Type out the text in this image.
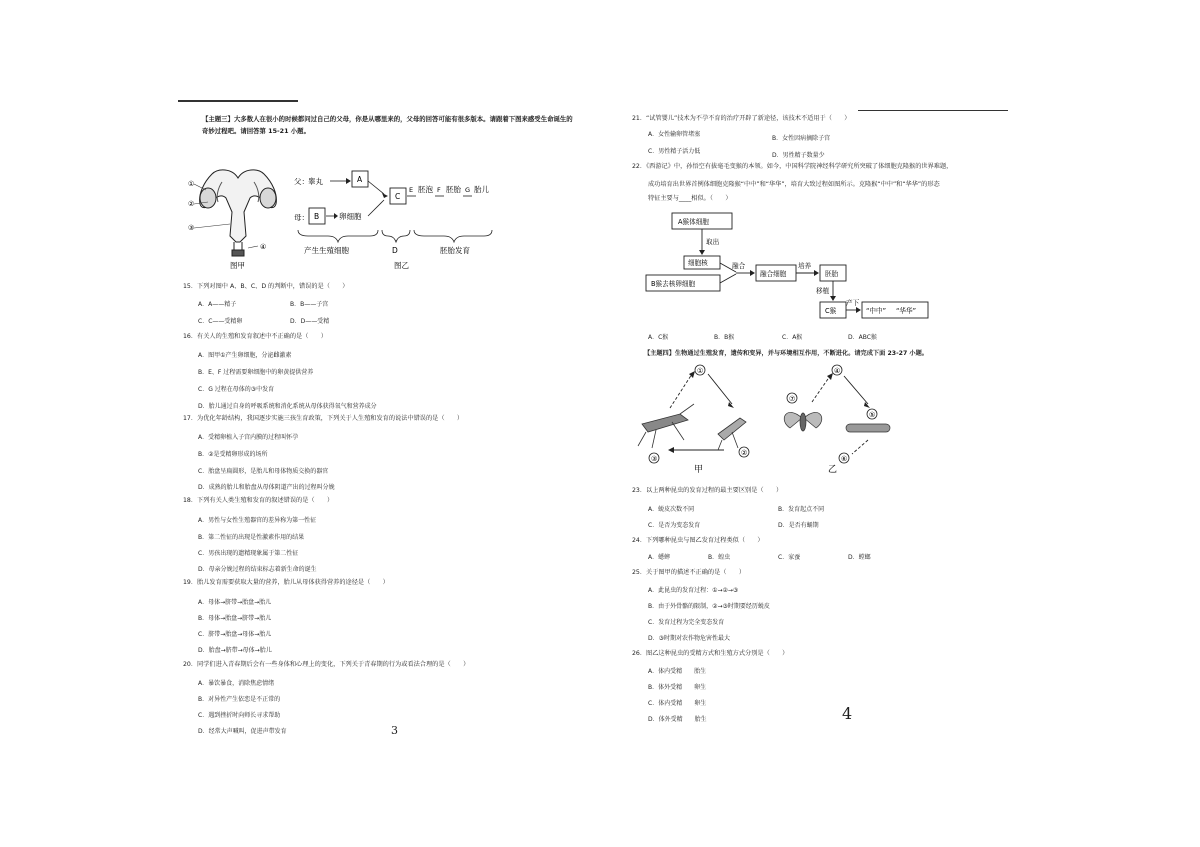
【主题三】大多数人在很小的时候都问过自己的父母，你是从哪里来的，父母的回答可能有很多版本。请跟着下图来感受生命诞生的奇妙过程吧。请回答第 15-21 小题。
①
②
③
④
图甲
父： 睾丸	A
母： B	卵细胞
C
E 胚泡 F 胚胎 G 胎儿
产生生殖细胞	D	胚胎发育
图乙
15．下列对图中 A、B、C、D 的判断中，错误的是（　　）
A．A——精子	B．B——子宫
C．C——受精卵	D．D——受精
16．有关人的生殖和发育叙述中不正确的是（　　）
A．图甲①产生卵细胞，分泌雌激素
B．E、F 过程需要卵细胞中的卵黄提供营养
C．G 过程在母体的③中发育
D．胎儿通过自身的呼吸系统和消化系统从母体获得氧气和营养成分
17．为优化年龄结构，我国逐步实施三孩生育政策，下列关于人生殖和发育的说法中错误的是（　　）
A．受精卵植入子宫内膜的过程叫怀孕
B．②是受精卵形成的场所
C．胎盘呈扁圆形，是胎儿和母体物质交换的器官
D．成熟的胎儿和胎盘从母体阴道产出的过程叫分娩
18．下列有关人类生殖和发育的叙述错误的是（　　）
A．男性与女性生殖器官的差异称为第一性征
B．第二性征的出现是性激素作用的结果
C．男孩出现的遗精现象属于第二性征
D．母亲分娩过程的结束标志着新生命的诞生
19．胎儿发育需要获取大量的营养，胎儿从母体获得营养的途径是（　　）
A．母体→脐带→胎盘→胎儿
B．母体→胎盘→脐带→胎儿
C．脐带→胎盘→母体→胎儿
D．胎盘→脐带→母体→胎儿
20．同学们进入青春期后会有一些身体和心理上的变化，下列关于青春期的行为或看法合理的是（　　）
A．暴饮暴食，消除焦虑情绪
B．对异性产生依恋是不正常的
C．遇到挫折时向师长寻求帮助
D．经常大声喊叫，促进声带发育	3
21．“试管婴儿”技术为不孕不育的治疗开辟了新途径，该技术不适用于（　　）
A．女性输卵管堵塞
B．女性因病摘除子宫
C．男性精子活力低
D．男性精子数量少
22．《西游记》中，孙悟空有拔毫毛变猴的本领。如今，中国科学院神经科学研究所突破了体细胞克隆猴的世界难题，
成功培育出世界首例体细胞克隆猴“中中”和“华华”，培育大致过程如图所示。克隆猴“中中”和“华华”的形态
特征主要与____相似。（　　）
A猴体细胞
取出
细胞核
B猴去核卵细胞
融合
融合细胞
培养
胚胎
移植
C猴
产下
“中中” “华华”
A．C猴	B．B猴	C．A猴	D．ABC猴
【主题四】生物通过生殖发育，遗传和变异，并与环境相互作用，不断进化。请完成下面 23-27 小题。
①
②
③
甲
④
⑤
⑥
⑦
乙
23．以上两种昆虫的发育过程的最主要区别是（　　）
A．蜕皮次数不同	B．发育起点不同
C．是否为变态发育	D．是否有蛹期
24．下列哪种昆虫与图乙发育过程类似（　　）
A．蟋蟀	B．蝗虫	C．家蚕	D．螳螂
25．关于图甲的描述不正确的是（　　）
A．此昆虫的发育过程：①→②→③
B．由于外骨骼的限制，②→③时期要经历蜕皮
C．发育过程为完全变态发育
D．③时期对农作物危害性最大
26．图乙这种昆虫的受精方式和生殖方式分别是（　　）
A．体内受精　　胎生
B．体外受精　　卵生
C．体内受精　　卵生
D．体外受精　　胎生	4
